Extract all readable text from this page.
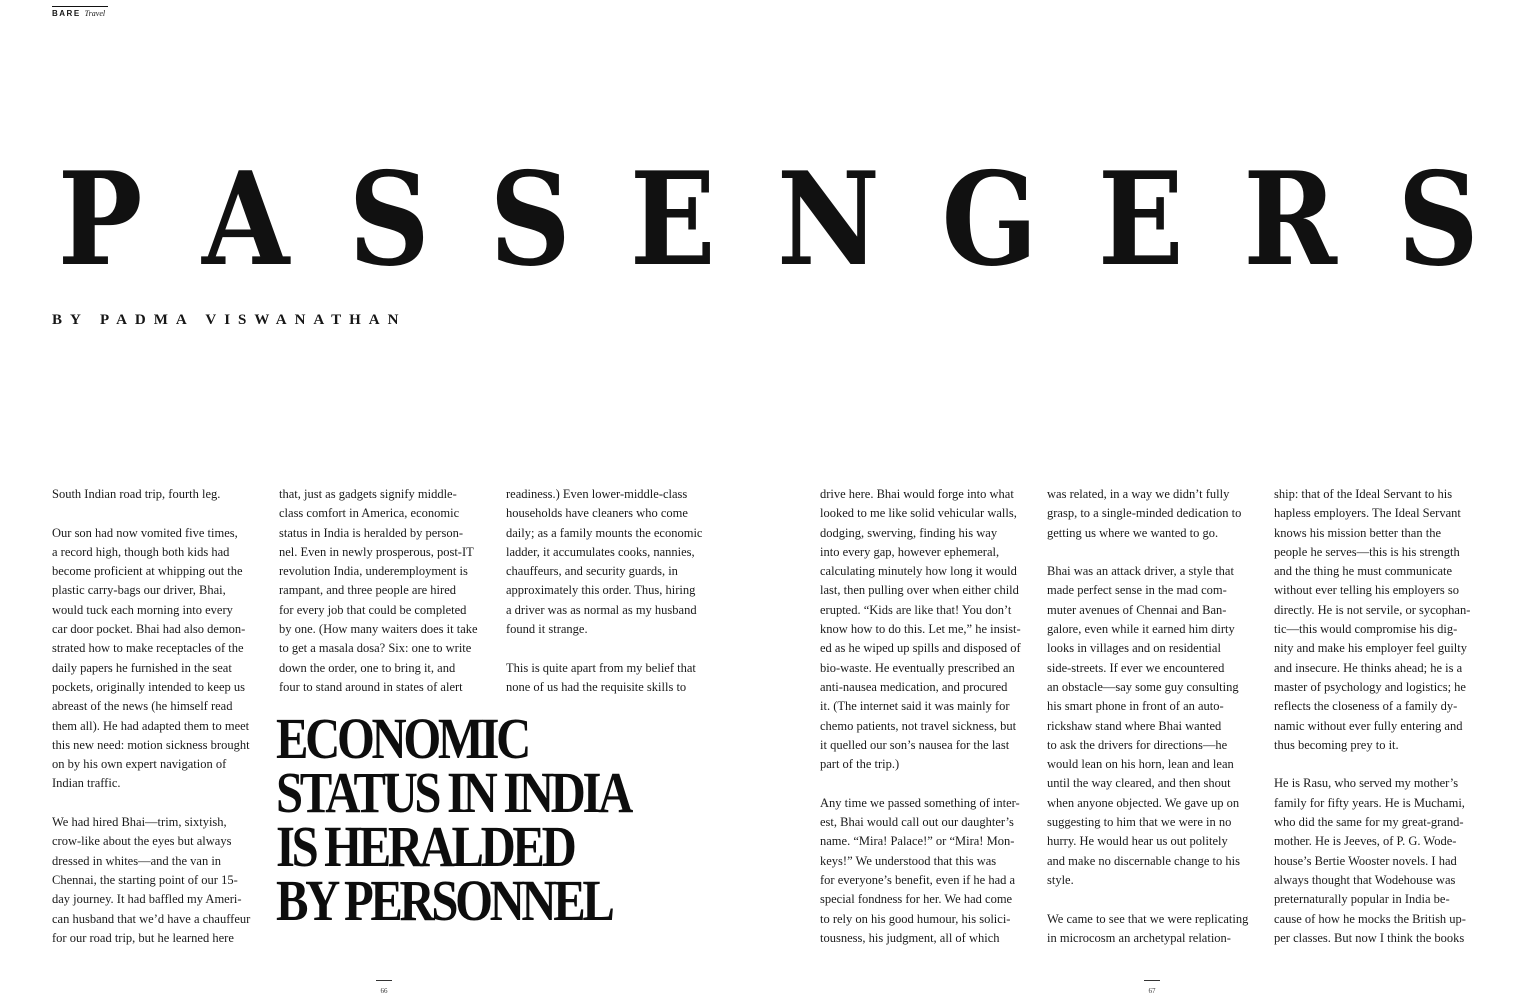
BARE Travel
P A S S E N G E R S
BY PADMA VISWANATHAN

South Indian road trip, fourth leg.

Our son had now vomited five times,
a record high, though both kids had
become proficient at whipping out the
plastic carry-bags our driver, Bhai,
would tuck each morning into every
car door pocket. Bhai had also demon-
strated how to make receptacles of the
daily papers he furnished in the seat
pockets, originally intended to keep us
abreast of the news (he himself read
them all). He had adapted them to meet
this new need: motion sickness brought
on by his own expert navigation of
Indian traffic.

We had hired Bhai—trim, sixtyish,
crow-like about the eyes but always
dressed in whites—and the van in
Chennai, the starting point of our 15-
day journey. It had baffled my Ameri-
can husband that we’d have a chauffeur
for our road trip, but he learned here

that, just as gadgets signify middle-
class comfort in America, economic
status in India is heralded by person-
nel. Even in newly prosperous, post-IT
revolution India, underemployment is
rampant, and three people are hired
for every job that could be completed
by one. (How many waiters does it take
to get a masala dosa? Six: one to write
down the order, one to bring it, and
four to stand around in states of alert

readiness.) Even lower-middle-class
households have cleaners who come
daily; as a family mounts the economic
ladder, it accumulates cooks, nannies,
chauffeurs, and security guards, in
approximately this order. Thus, hiring
a driver was as normal as my husband
found it strange.

This is quite apart from my belief that
none of us had the requisite skills to

drive here. Bhai would forge into what
looked to me like solid vehicular walls,
dodging, swerving, finding his way
into every gap, however ephemeral,
calculating minutely how long it would
last, then pulling over when either child
erupted. “Kids are like that! You don’t
know how to do this. Let me,” he insist-
ed as he wiped up spills and disposed of
bio-waste. He eventually prescribed an
anti-nausea medication, and procured
it. (The internet said it was mainly for
chemo patients, not travel sickness, but
it quelled our son’s nausea for the last
part of the trip.)

Any time we passed something of inter-
est, Bhai would call out our daughter’s
name. “Mira! Palace!” or “Mira! Mon-
keys!” We understood that this was
for everyone’s benefit, even if he had a
special fondness for her. We had come
to rely on his good humour, his solici-
tousness, his judgment, all of which

was related, in a way we didn’t fully
grasp, to a single-minded dedication to
getting us where we wanted to go.

Bhai was an attack driver, a style that
made perfect sense in the mad com-
muter avenues of Chennai and Ban-
galore, even while it earned him dirty
looks in villages and on residential
side-streets. If ever we encountered
an obstacle—say some guy consulting
his smart phone in front of an auto-
rickshaw stand where Bhai wanted
to ask the drivers for directions—he
would lean on his horn, lean and lean
until the way cleared, and then shout
when anyone objected. We gave up on
suggesting to him that we were in no
hurry. He would hear us out politely
and make no discernable change to his
style.

We came to see that we were replicating
in microcosm an archetypal relation-

ship: that of the Ideal Servant to his
hapless employers. The Ideal Servant
knows his mission better than the
people he serves—this is his strength
and the thing he must communicate
without ever telling his employers so
directly. He is not servile, or sycophan-
tic—this would compromise his dig-
nity and make his employer feel guilty
and insecure. He thinks ahead; he is a
master of psychology and logistics; he
reflects the closeness of a family dy-
namic without ever fully entering and
thus becoming prey to it.

He is Rasu, who served my mother’s
family for fifty years. He is Muchami,
who did the same for my great-grand-
mother. He is Jeeves, of P. G. Wode-
house’s Bertie Wooster novels. I had
always thought that Wodehouse was
preternaturally popular in India be-
cause of how he mocks the British up-
per classes. But now I think the books

ECONOMIC
STATUS IN INDIA
IS HERALDED
BY PERSONNEL
66	67
